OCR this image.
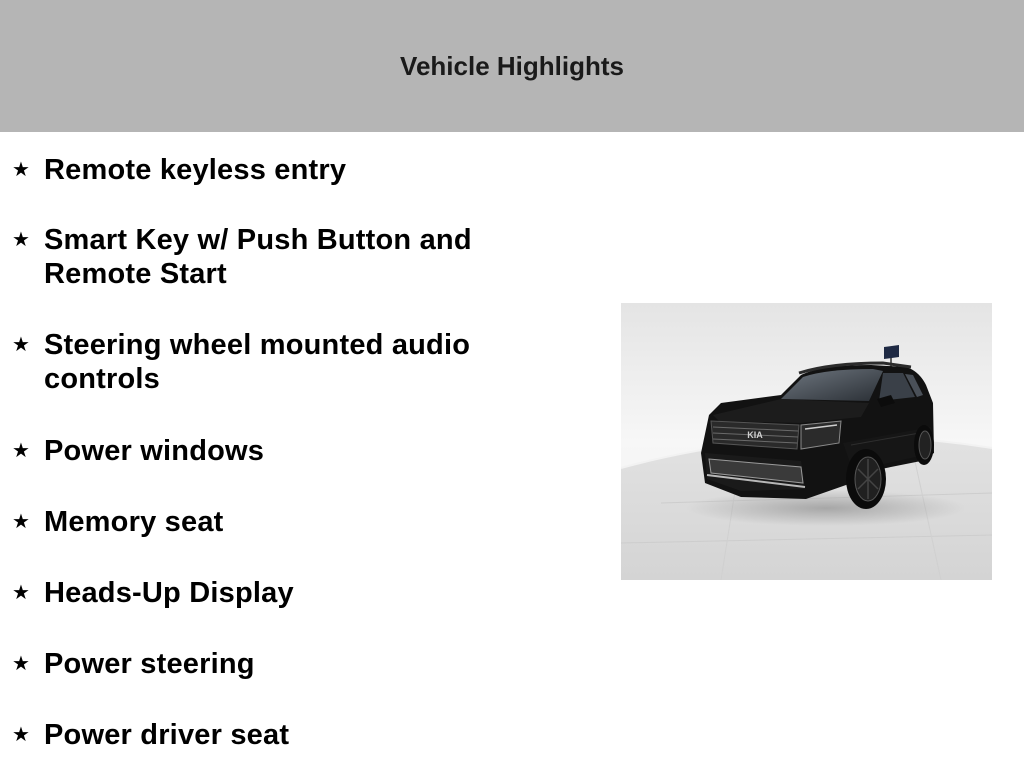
Vehicle Highlights
★ Remote keyless entry
★ Smart Key w/ Push Button and Remote Start
★ Steering wheel mounted audio controls
★ Power windows
★ Memory seat
★ Heads-Up Display
★ Power steering
★ Power driver seat
KIA
